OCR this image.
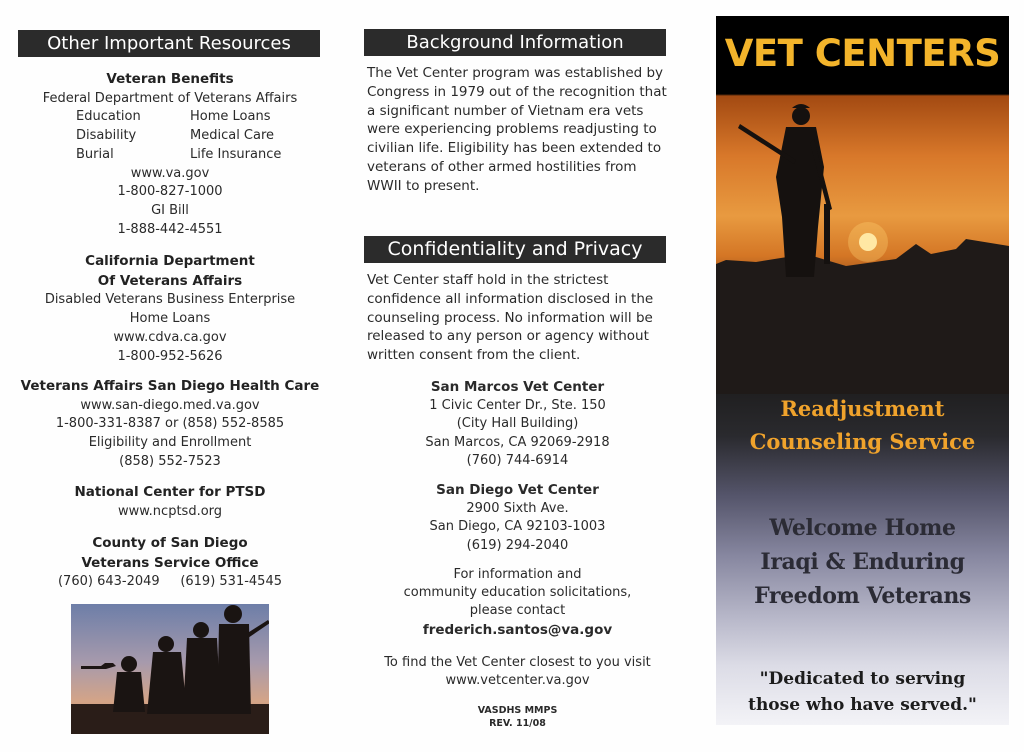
Other Important Resources
Veteran Benefits
Federal Department of Veterans Affairs
Education	Home Loans
Disability	Medical Care
Burial	Life Insurance
www.va.gov
1-800-827-1000
GI Bill
1-888-442-4551
California Department
Of Veterans Affairs
Disabled Veterans Business Enterprise
Home Loans
www.cdva.ca.gov
1-800-952-5626
Veterans Affairs San Diego Health Care
www.san-diego.med.va.gov
1-800-331-8387 or (858) 552-8585
Eligibility and Enrollment
(858) 552-7523
National Center for PTSD
www.ncptsd.org
County of San Diego
Veterans Service Office
(760) 643-2049     (619) 531-4545
Background Information
The Vet Center program was established by Congress in 1979 out of the recognition that a significant number of Vietnam era vets were experiencing problems readjusting to civilian life. Eligibility has been extended to veterans of other armed hostilities from WWII to present.
Confidentiality and Privacy
Vet Center staff hold in the strictest confidence all information disclosed in the counseling process. No information will be released to any person or agency without written consent from the client.
San Marcos Vet Center
1 Civic Center Dr., Ste. 150
(City Hall Building)
San Marcos, CA 92069-2918
(760) 744-6914
San Diego Vet Center
2900 Sixth Ave.
San Diego, CA 92103-1003
(619) 294-2040
For information and
community education solicitations,
please contact
frederich.santos@va.gov
To find the Vet Center closest to you visit
www.vetcenter.va.gov
VASDHS MMPS
REV. 11/08
VET CENTERS
Readjustment
Counseling Service
Welcome Home
Iraqi & Enduring
Freedom Veterans
"Dedicated to serving
those who have served."
